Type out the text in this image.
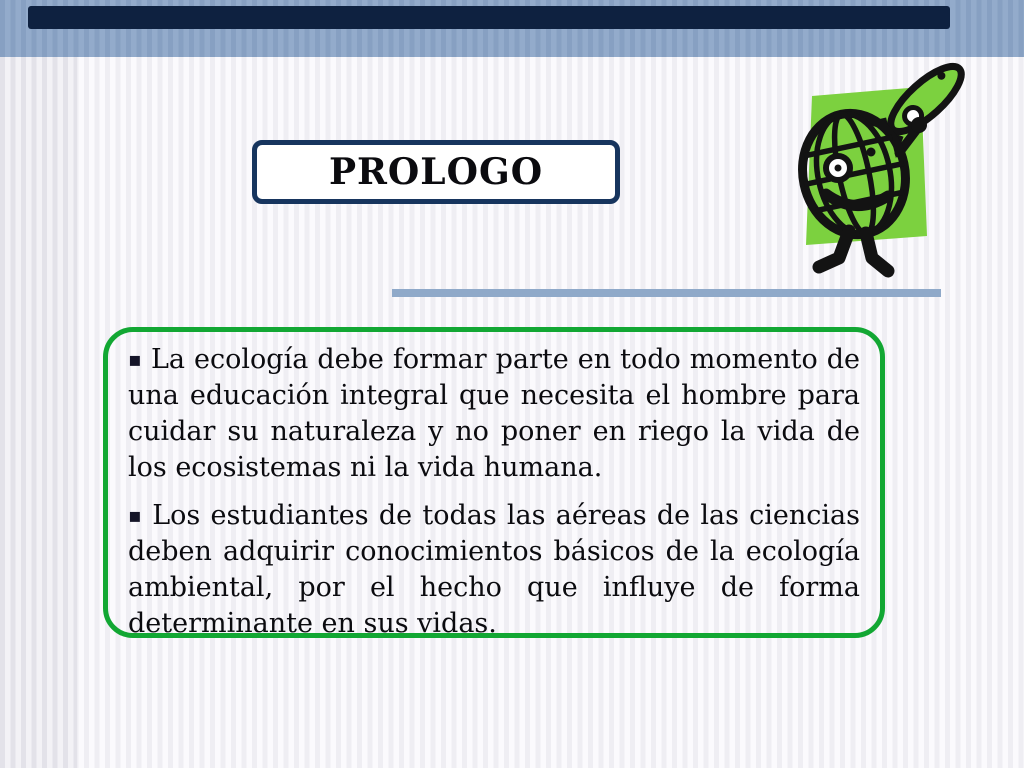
PROLOGO

▪ La ecología debe formar parte en todo momento de una educación integral que necesita el hombre para cuidar su naturaleza y no poner en riego la vida de los ecosistemas ni la vida humana.

▪ Los estudiantes de todas las aéreas de las ciencias deben adquirir conocimientos básicos de la ecología ambiental, por el hecho que influye de forma determinante en sus vidas.
